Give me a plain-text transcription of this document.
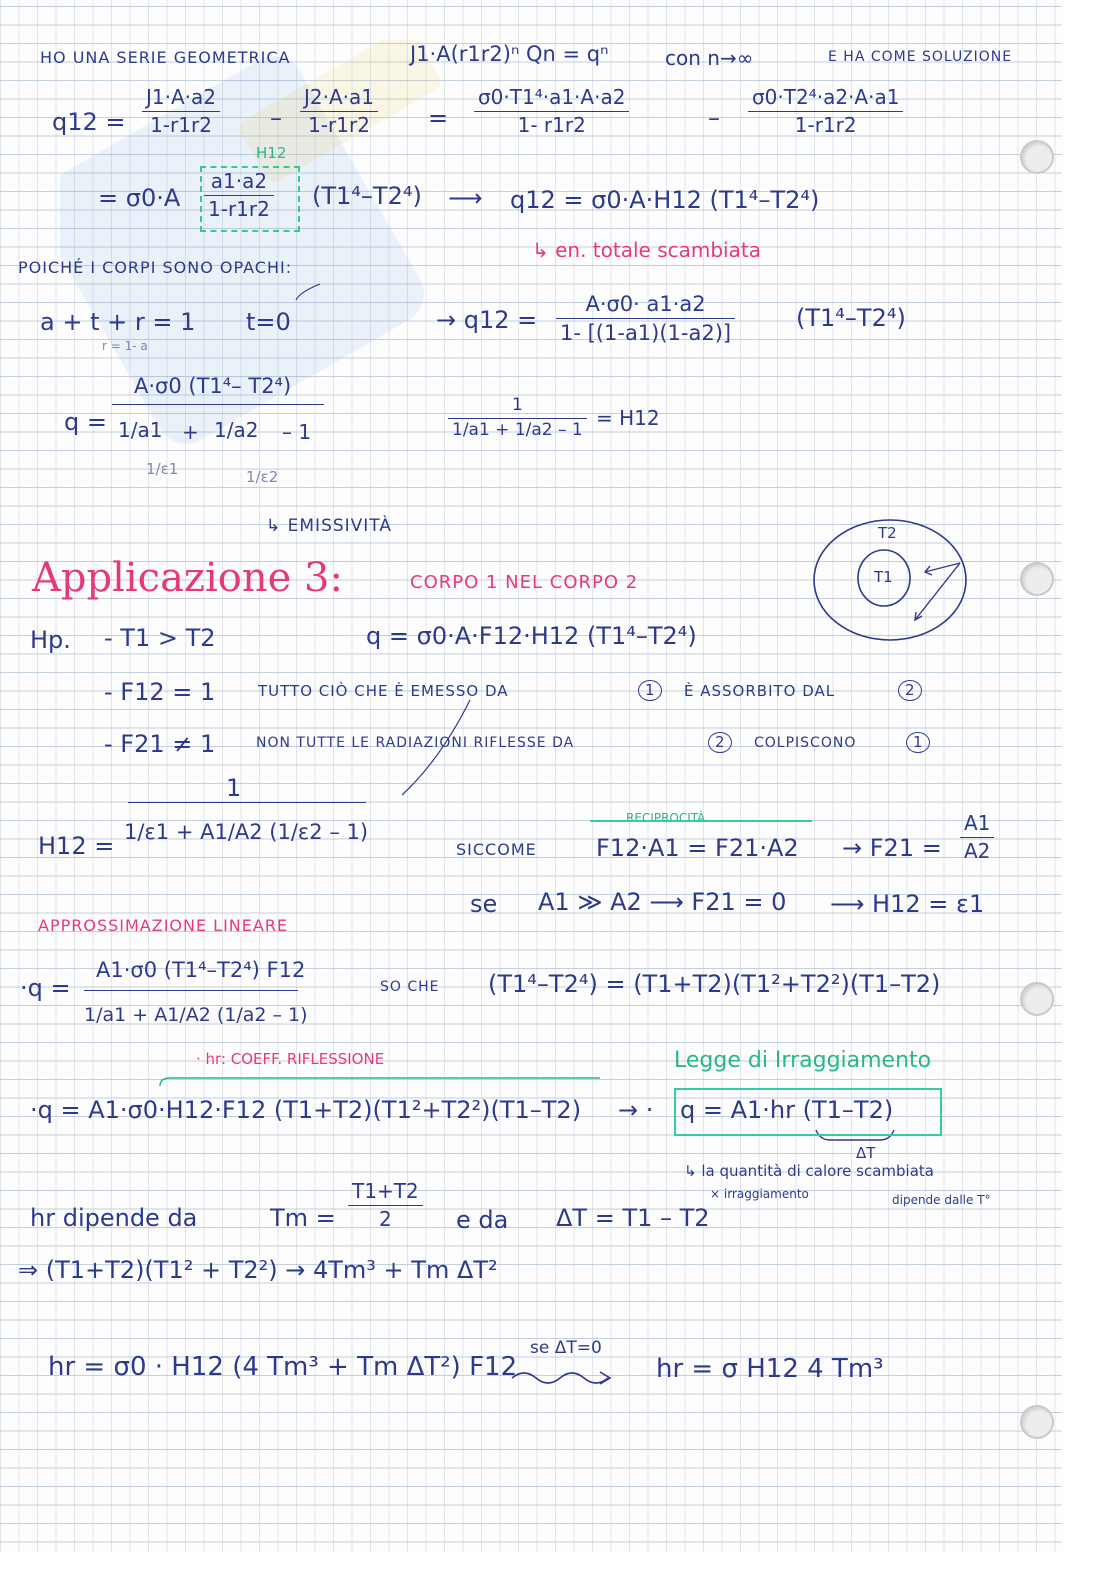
HO UNA SERIE GEOMETRICA	J1·A(r1r2)ⁿ Qn = qⁿ	con n→∞	E HA COME SOLUZIONE
q12 =
J1·A·a2
1-r1r2 –
J2·A·a1
1-r1r2 =
σ0·T1⁴·a1·A·a2
1- r1r2	–
σ0·T2⁴·a2·A·a1
1-r1r2
= σ0·A
H12
a1·a2
1-r1r2 (T1⁴–T2⁴) ⟶ q12 = σ0·A·H12 (T1⁴–T2⁴)
↳ en. totale scambiata
POICHÉ I CORPI SONO OPACHI:
a + t + r = 1 t=0
r = 1- a
→ q12 =
A·σ0· a1·a2
1- [(1-a1)(1-a2)]
(T1⁴–T2⁴)
q =
A·σ0 (T1⁴– T2⁴)
1/a1 + 1/a2 – 1
1/ε1	1/ε2
1
1/a1 + 1/a2 – 1 = H12
↳ EMISSIVITÀ
Applicazione 3:	CORPO 1 NEL CORPO 2
T2
T1
Hp. - T1 > T2	q = σ0·A·F12·H12 (T1⁴–T2⁴)
- F12 = 1	TUTTO CIÒ CHE È EMESSO DA	1	È ASSORBITO DAL	2
- F21 ≠ 1	NON TUTTE LE RADIAZIONI RIFLESSE DA	2	COLPISCONO	1
H12 =
1
1/ε1 + A1/A2 (1/ε2 – 1)
SICCOME
RECIPROCITÀ
F12·A1 = F21·A2 → F21 =
A1
A2
se A1 ≫ A2 ⟶ F21 = 0 ⟶ H12 = ε1
APPROSSIMAZIONE LINEARE
·q =
A1·σ0 (T1⁴–T2⁴) F12
1/a1 + A1/A2 (1/a2 – 1)
SO CHE (T1⁴–T2⁴) = (T1+T2)(T1²+T2²)(T1–T2)
· hr: COEFF. RIFLESSIONE	Legge di Irraggiamento
·q = A1·σ0·H12·F12 (T1+T2)(T1²+T2²)(T1–T2) → · q = A1·hr (T1–T2)
ΔT
↳ la quantità di calore scambiata
× irraggiamento	dipende dalle T°
hr dipende da	Tm =
T1+T2
2	e da ΔT = T1 – T2
⇒ (T1+T2)(T1² + T2²) → 4Tm³ + Tm ΔT²
hr = σ0 · H12 (4 Tm³ + Tm ΔT²) F12
se ΔT=0
hr = σ H12 4 Tm³
